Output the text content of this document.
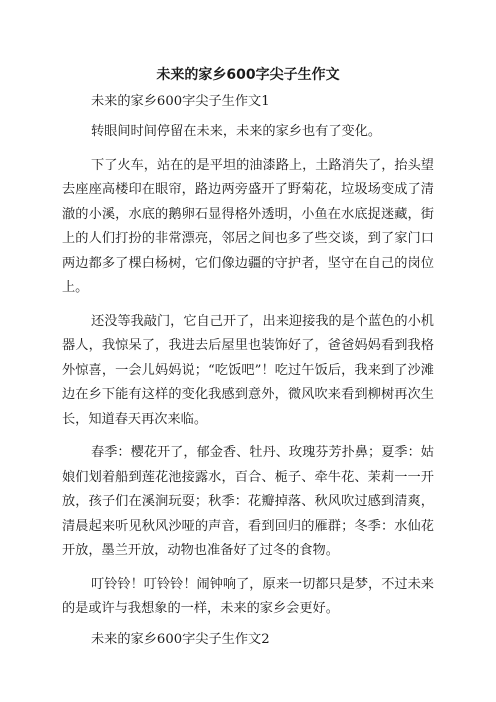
未来的家乡600字尖子生作文
未来的家乡600字尖子生作文1

转眼间时间停留在未来，未来的家乡也有了变化。

下了火车，站在的是平坦的油漆路上，土路消失了，抬头望去座座高楼印在眼帘，路边两旁盛开了野菊花，垃圾场变成了清澈的小溪，水底的鹅卵石显得格外透明，小鱼在水底捉迷藏，街上的人们打扮的非常漂亮，邻居之间也多了些交谈，到了家门口两边都多了棵白杨树，它们像边疆的守护者，坚守在自己的岗位上。

还没等我敲门，它自己开了，出来迎接我的是个蓝色的小机器人，我惊呆了，我进去后屋里也装饰好了，爸爸妈妈看到我格外惊喜，一会儿妈妈说；“吃饭吧”！吃过午饭后，我来到了沙滩边在乡下能有这样的变化我感到意外，微风吹来看到柳树再次生长，知道春天再次来临。

春季：樱花开了，郁金香、牡丹、玫瑰芬芳扑鼻；夏季：姑娘们划着船到莲花池接露水，百合、栀子、牵牛花、茉莉一一开放，孩子们在溪涧玩耍；秋季：花瓣掉落、秋风吹过感到清爽，清晨起来听见秋风沙哑的声音，看到回归的雁群；冬季：水仙花开放，墨兰开放，动物也准备好了过冬的食物。

叮铃铃！叮铃铃！闹钟响了，原来一切都只是梦，不过未来的是或许与我想象的一样，未来的家乡会更好。

未来的家乡600字尖子生作文2
